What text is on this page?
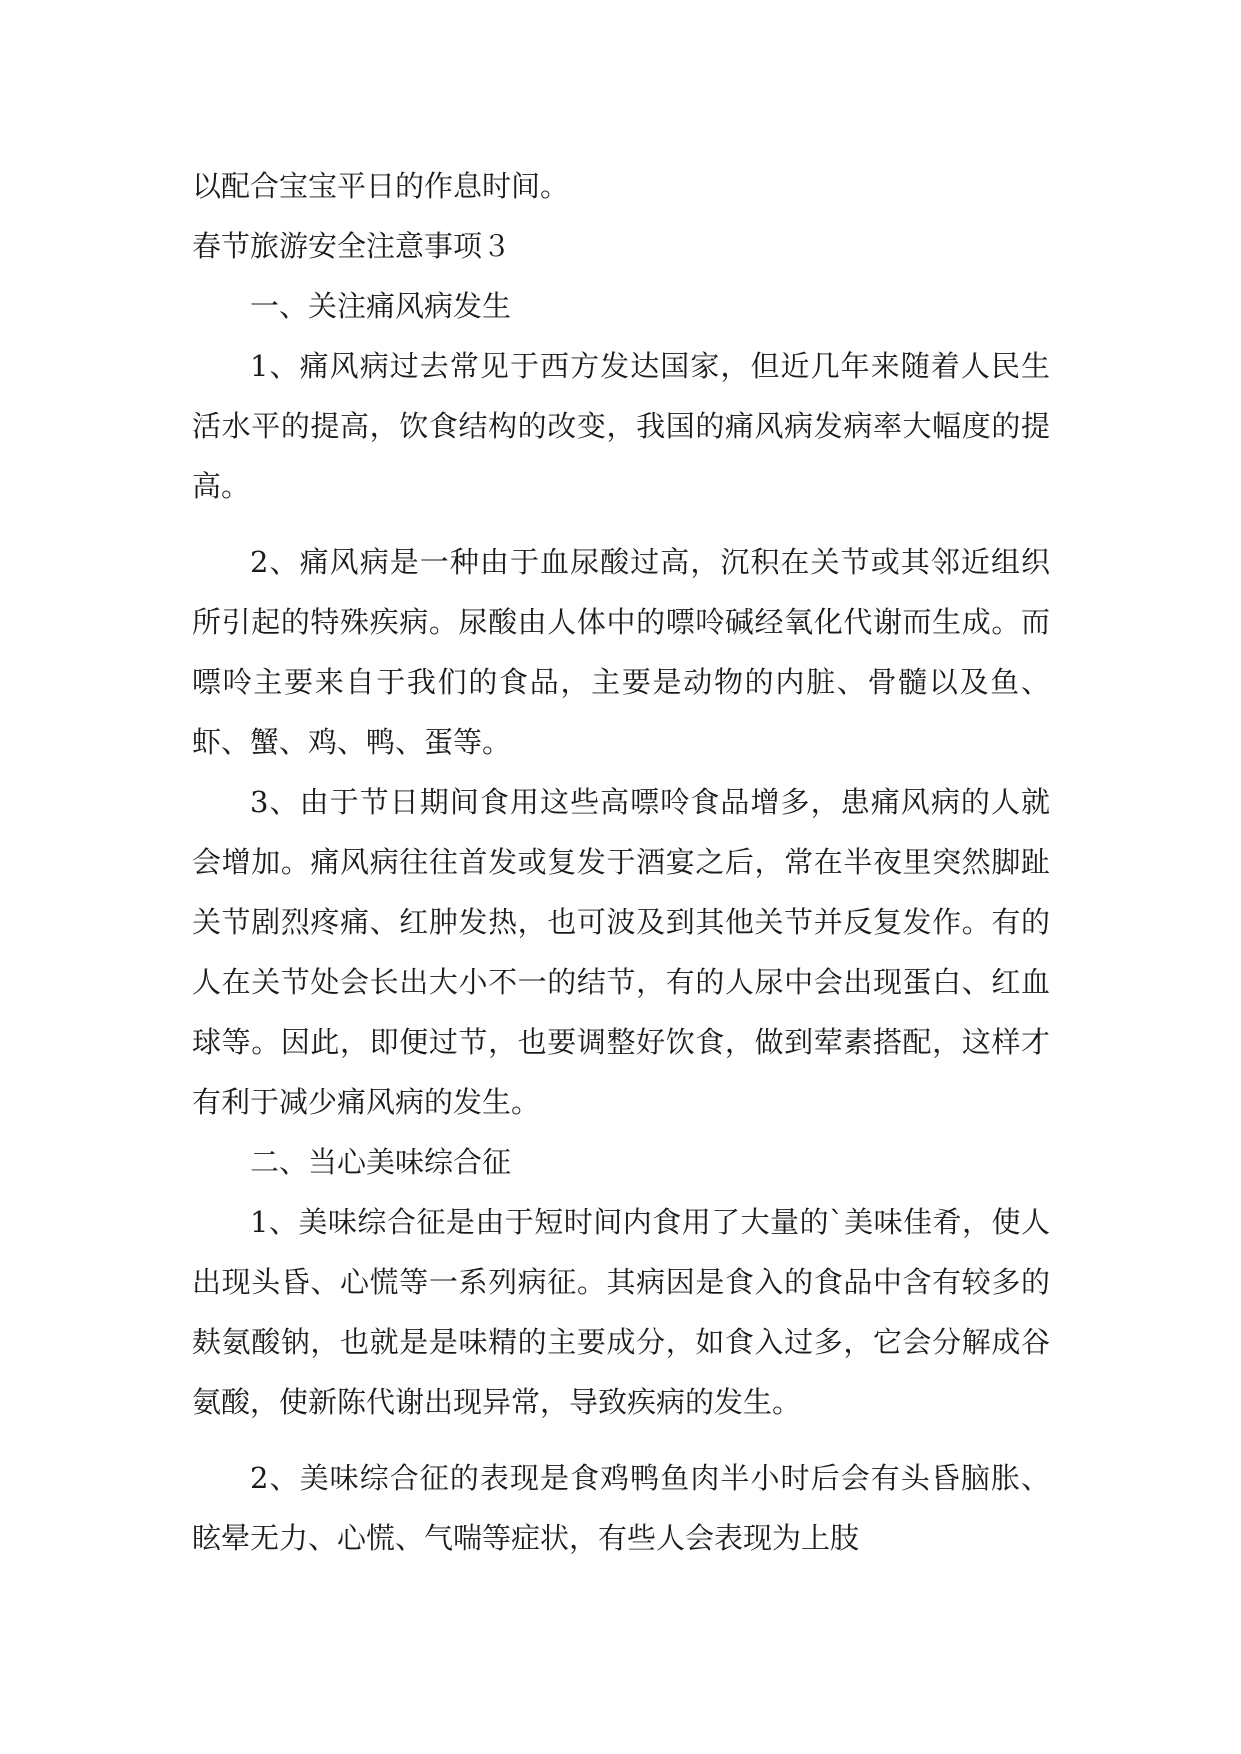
以配合宝宝平日的作息时间。

春节旅游安全注意事项３

一、关注痛风病发生

1、痛风病过去常见于西方发达国家，但近几年来随着人民生活水平的提高，饮食结构的改变，我国的痛风病发病率大幅度的提高。

2、痛风病是一种由于血尿酸过高，沉积在关节或其邻近组织所引起的特殊疾病。尿酸由人体中的嘌呤碱经氧化代谢而生成。而嘌呤主要来自于我们的食品，主要是动物的内脏、骨髓以及鱼、虾、蟹、鸡、鸭、蛋等。

3、由于节日期间食用这些高嘌呤食品增多，患痛风病的人就会增加。痛风病往往首发或复发于酒宴之后，常在半夜里突然脚趾关节剧烈疼痛、红肿发热，也可波及到其他关节并反复发作。有的人在关节处会长出大小不一的结节，有的人尿中会出现蛋白、红血球等。因此，即便过节，也要调整好饮食，做到荤素搭配，这样才有利于减少痛风病的发生。

二、当心美味综合征

1、美味综合征是由于短时间内食用了大量的`美味佳肴，使人出现头昏、心慌等一系列病征。其病因是食入的食品中含有较多的麸氨酸钠，也就是是味精的主要成分，如食入过多，它会分解成谷氨酸，使新陈代谢出现异常，导致疾病的发生。

2、美味综合征的表现是食鸡鸭鱼肉半小时后会有头昏脑胀、眩晕无力、心慌、气喘等症状，有些人会表现为上肢
